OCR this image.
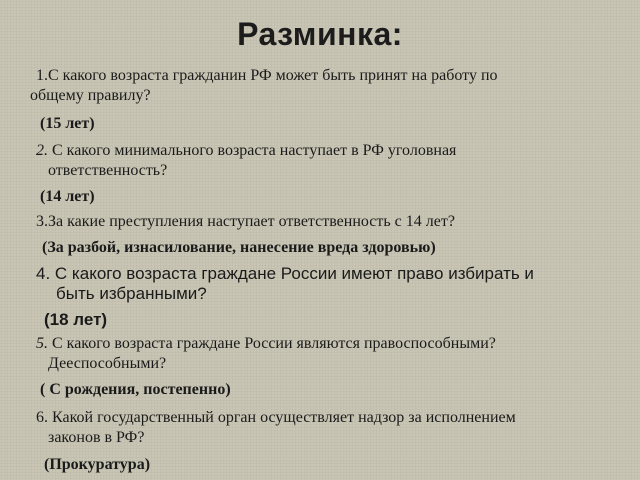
Разминка:
1.С какого возраста гражданин РФ может быть принят на работу по
общему правилу?
(15 лет)
2. С какого минимального возраста наступает в РФ уголовная
ответственность?
(14 лет)
3.За какие преступления наступает ответственность с 14 лет?
(За разбой, изнасилование, нанесение вреда здоровью)
4. С какого возраста граждане России имеют право избирать и
быть избранными?
(18 лет)
5. С какого возраста граждане России являются правоспособными?
Дееспособными?
( С рождения, постепенно)
6. Какой государственный орган осуществляет надзор за исполнением
законов в РФ?
(Прокуратура)
